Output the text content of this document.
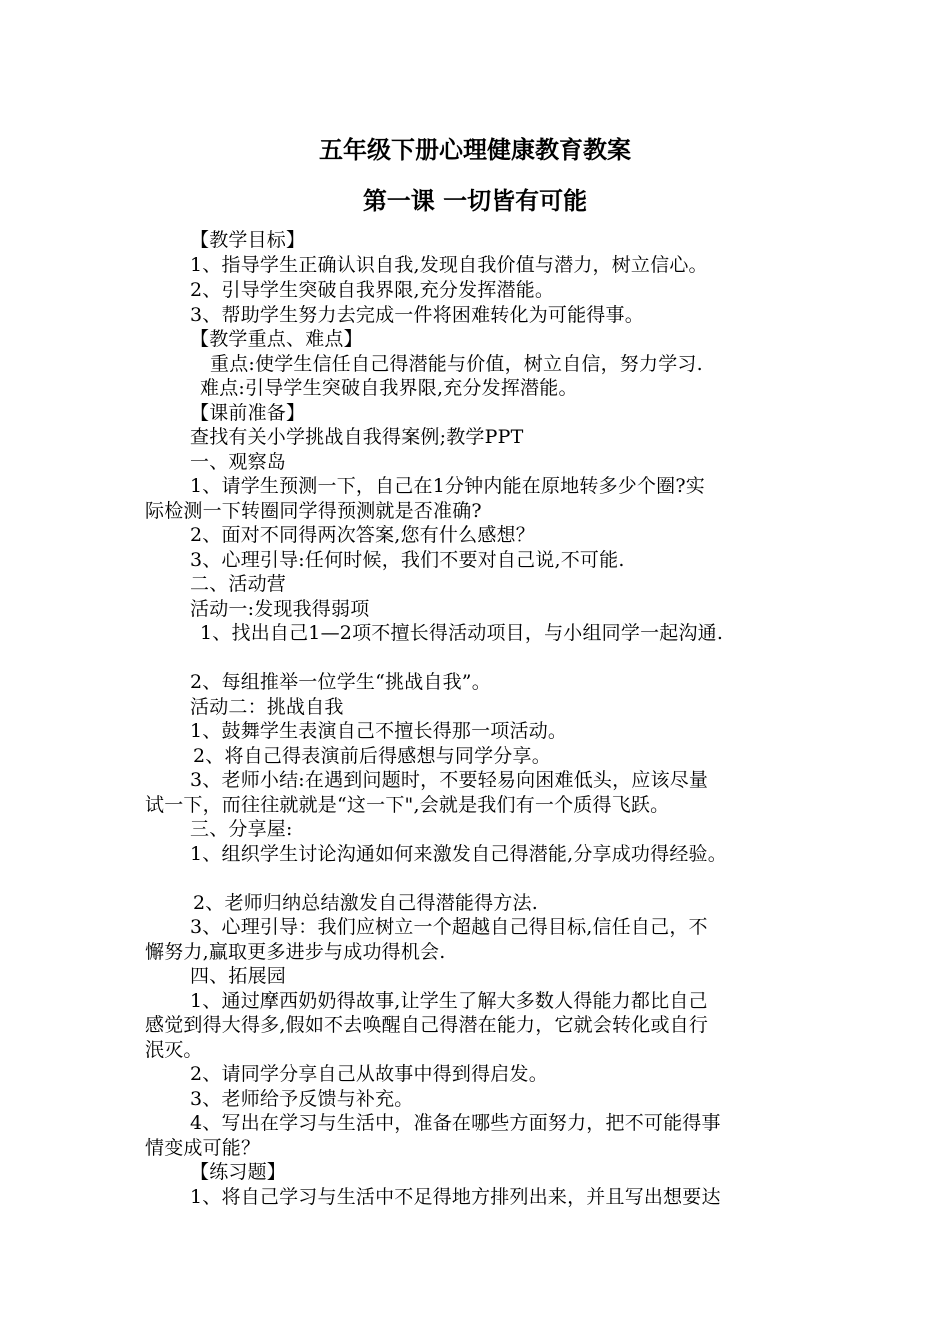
五年级下册心理健康教育教案
第一课 一切皆有可能
【教学目标】
1、指导学生正确认识自我,发现自我价值与潜力，树立信心。
2、引导学生突破自我界限,充分发挥潜能。
3、帮助学生努力去完成一件将困难转化为可能得事。
【教学重点、难点】
重点:使学生信任自己得潜能与价值，树立自信，努力学习.
难点:引导学生突破自我界限,充分发挥潜能。
【课前准备】
查找有关小学挑战自我得案例;教学PPT
一、观察岛
1、请学生预测一下，自己在1分钟内能在原地转多少个圈?实
际检测一下转圈同学得预测就是否准确?
2、面对不同得两次答案,您有什么感想？
3、心理引导:任何时候，我们不要对自己说,不可能.
二、活动营
活动一:发现我得弱项
1、找出自己1—2项不擅长得活动项目，与小组同学一起沟通.
2、每组推举一位学生“挑战自我”。
活动二：挑战自我
1、鼓舞学生表演自己不擅长得那一项活动。
2、将自己得表演前后得感想与同学分享。
3、老师小结:在遇到问题时，不要轻易向困难低头，应该尽量
试一下，而往往就就是“这一下",会就是我们有一个质得飞跃。
三、分享屋:
1、组织学生讨论沟通如何来激发自己得潜能,分享成功得经验。
2、老师归纳总结激发自己得潜能得方法.
3、心理引导：我们应树立一个超越自己得目标,信任自己，不
懈努力,赢取更多进步与成功得机会.
四、拓展园
1、通过摩西奶奶得故事,让学生了解大多数人得能力都比自己
感觉到得大得多,假如不去唤醒自己得潜在能力，它就会转化或自行
泯灭。
2、请同学分享自己从故事中得到得启发。
3、老师给予反馈与补充。
4、写出在学习与生活中，准备在哪些方面努力，把不可能得事
情变成可能？
【练习题】
1、将自己学习与生活中不足得地方排列出来，并且写出想要达
